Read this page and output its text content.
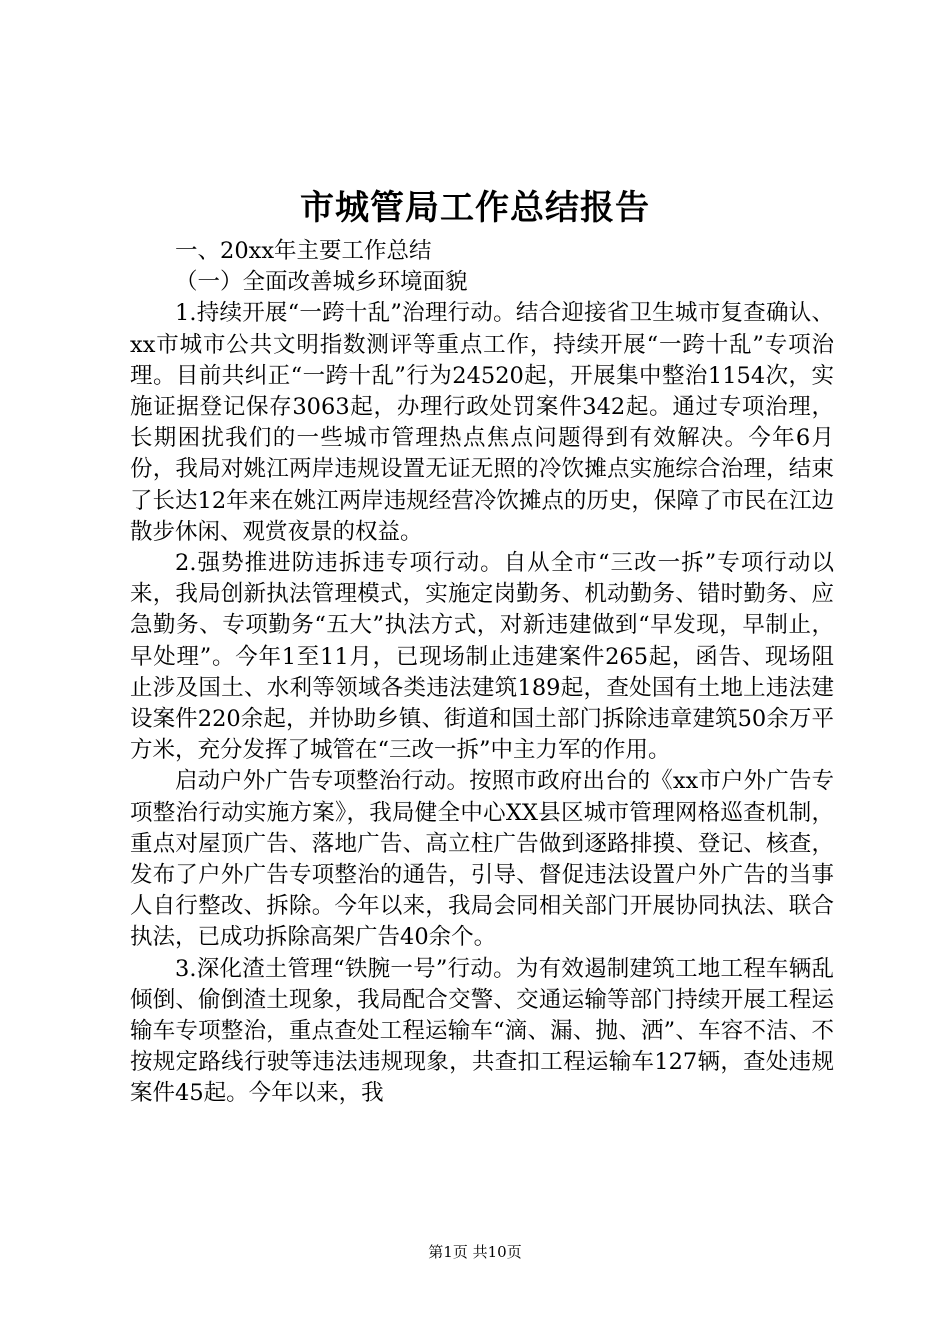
市城管局工作总结报告

一、20xx年主要工作总结

（一）全面改善城乡环境面貌

1.持续开展“一跨十乱”治理行动。结合迎接省卫生城市复查确认、xx市城市公共文明指数测评等重点工作，持续开展“一跨十乱”专项治理。目前共纠正“一跨十乱”行为24520起，开展集中整治1154次，实施证据登记保存3063起，办理行政处罚案件342起。通过专项治理，长期困扰我们的一些城市管理热点焦点问题得到有效解决。今年6月份，我局对姚江两岸违规设置无证无照的冷饮摊点实施综合治理，结束了长达12年来在姚江两岸违规经营冷饮摊点的历史，保障了市民在江边散步休闲、观赏夜景的权益。

2.强势推进防违拆违专项行动。自从全市“三改一拆”专项行动以来，我局创新执法管理模式，实施定岗勤务、机动勤务、错时勤务、应急勤务、专项勤务“五大”执法方式，对新违建做到“早发现，早制止，早处理”。今年1至11月，已现场制止违建案件265起，函告、现场阻止涉及国土、水利等领域各类违法建筑189起，查处国有土地上违法建设案件220余起，并协助乡镇、街道和国土部门拆除违章建筑50余万平方米，充分发挥了城管在“三改一拆”中主力军的作用。

启动户外广告专项整治行动。按照市政府出台的《xx市户外广告专项整治行动实施方案》，我局健全中心XX县区城市管理网格巡查机制，重点对屋顶广告、落地广告、高立柱广告做到逐路排摸、登记、核查，发布了户外广告专项整治的通告，引导、督促违法设置户外广告的当事人自行整改、拆除。今年以来，我局会同相关部门开展协同执法、联合执法，已成功拆除高架广告40余个。

3.深化渣土管理“铁腕一号”行动。为有效遏制建筑工地工程车辆乱倾倒、偷倒渣土现象，我局配合交警、交通运输等部门持续开展工程运输车专项整治，重点查处工程运输车“滴、漏、抛、洒”、车容不洁、不按规定路线行驶等违法违规现象，共查扣工程运输车127辆，查处违规案件45起。今年以来，我

第1页 共10页
